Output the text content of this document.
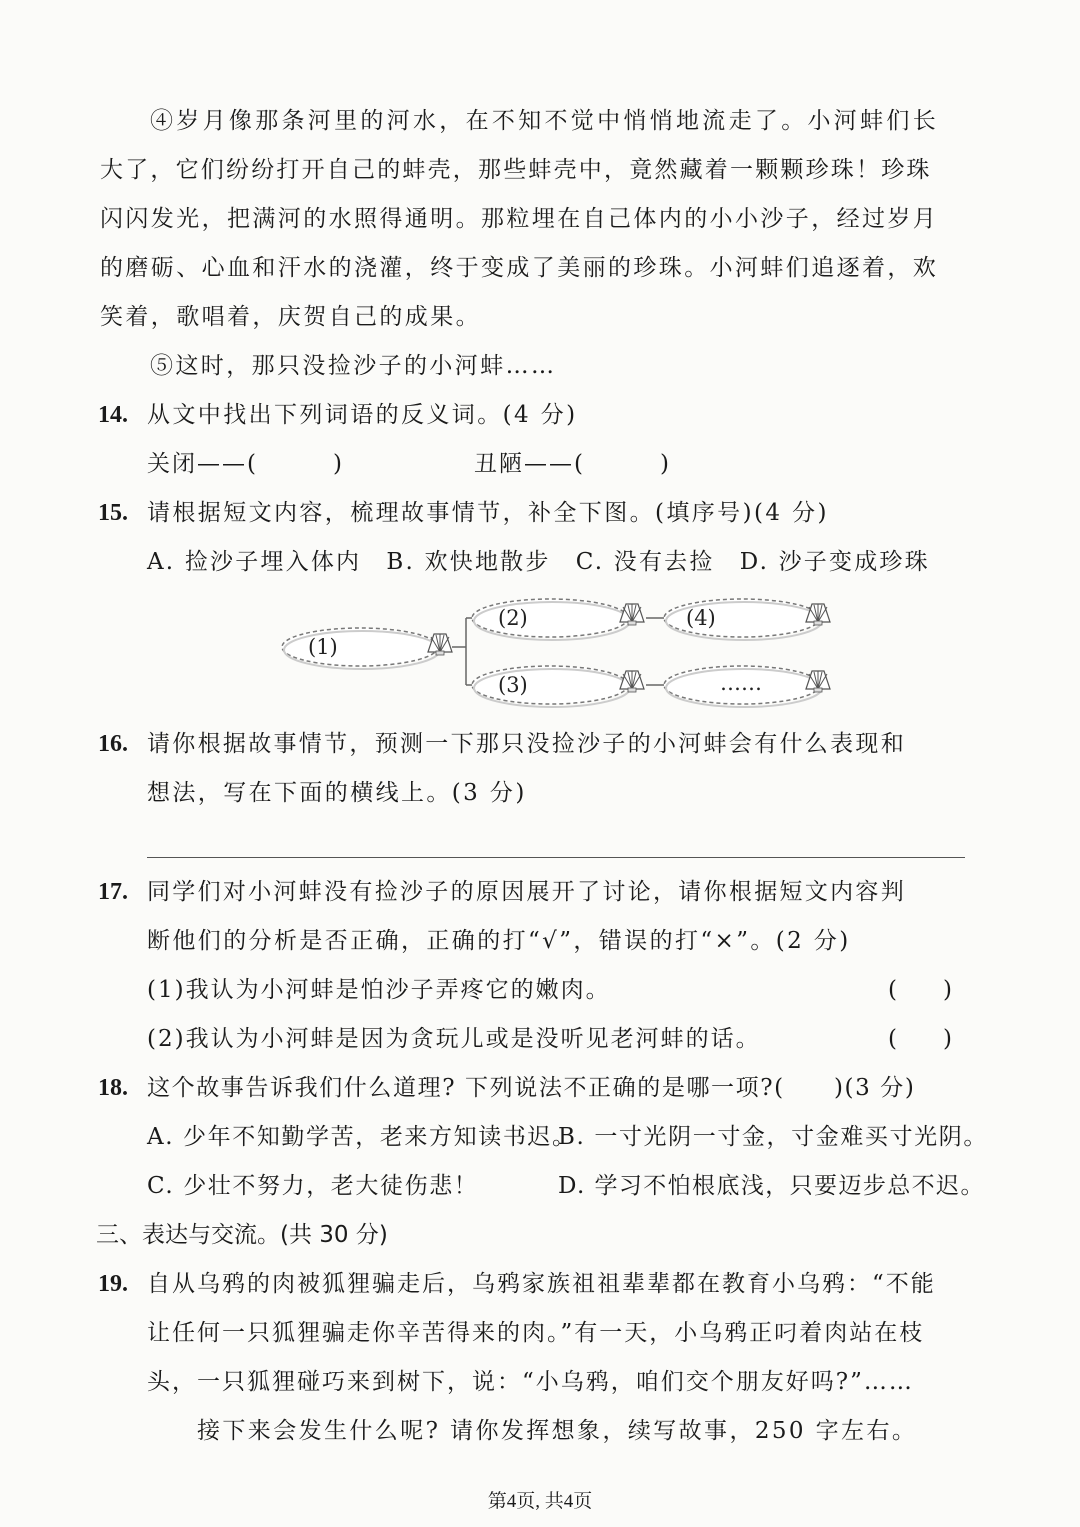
④岁月像那条河里的河水，在不知不觉中悄悄地流走了。小河蚌们长
大了，它们纷纷打开自己的蚌壳，那些蚌壳中，竟然藏着一颗颗珍珠！珍珠
闪闪发光，把满河的水照得通明。那粒埋在自己体内的小小沙子，经过岁月
的磨砺、心血和汗水的浇灌，终于变成了美丽的珍珠。小河蚌们追逐着，欢
笑着，歌唱着，庆贺自己的成果。
⑤这时，那只没捡沙子的小河蚌……
14. 从文中找出下列词语的反义词。(4 分)
关闭——(　　　)	丑陋——(　　　)
15. 请根据短文内容，梳理故事情节，补全下图。(填序号)(4 分)
A. 捡沙子埋入体内　B. 欢快地散步　C. 没有去捡　D. 沙子变成珍珠
(1)
(2)	(4)
(3)	……
16. 请你根据故事情节，预测一下那只没捡沙子的小河蚌会有什么表现和
想法，写在下面的横线上。(3 分)
17. 同学们对小河蚌没有捡沙子的原因展开了讨论，请你根据短文内容判
断他们的分析是否正确，正确的打“√”，错误的打“×”。(2 分)
(1)我认为小河蚌是怕沙子弄疼它的嫩肉。	(　　)
(2)我认为小河蚌是因为贪玩儿或是没听见老河蚌的话。	(　　)
18. 这个故事告诉我们什么道理? 下列说法不正确的是哪一项?(　　)(3 分)
A. 少年不知勤学苦，老来方知读书迟。
B. 一寸光阴一寸金，寸金难买寸光阴。
C. 少壮不努力，老大徒伤悲！	D. 学习不怕根底浅，只要迈步总不迟。
三、表达与交流。(共 30 分)
19. 自从乌鸦的肉被狐狸骗走后，乌鸦家族祖祖辈辈都在教育小乌鸦：“不能
让任何一只狐狸骗走你辛苦得来的肉。”有一天，小乌鸦正叼着肉站在枝
头，一只狐狸碰巧来到树下，说：“小乌鸦，咱们交个朋友好吗?”……
接下来会发生什么呢? 请你发挥想象，续写故事，250 字左右。
第4页, 共4页
